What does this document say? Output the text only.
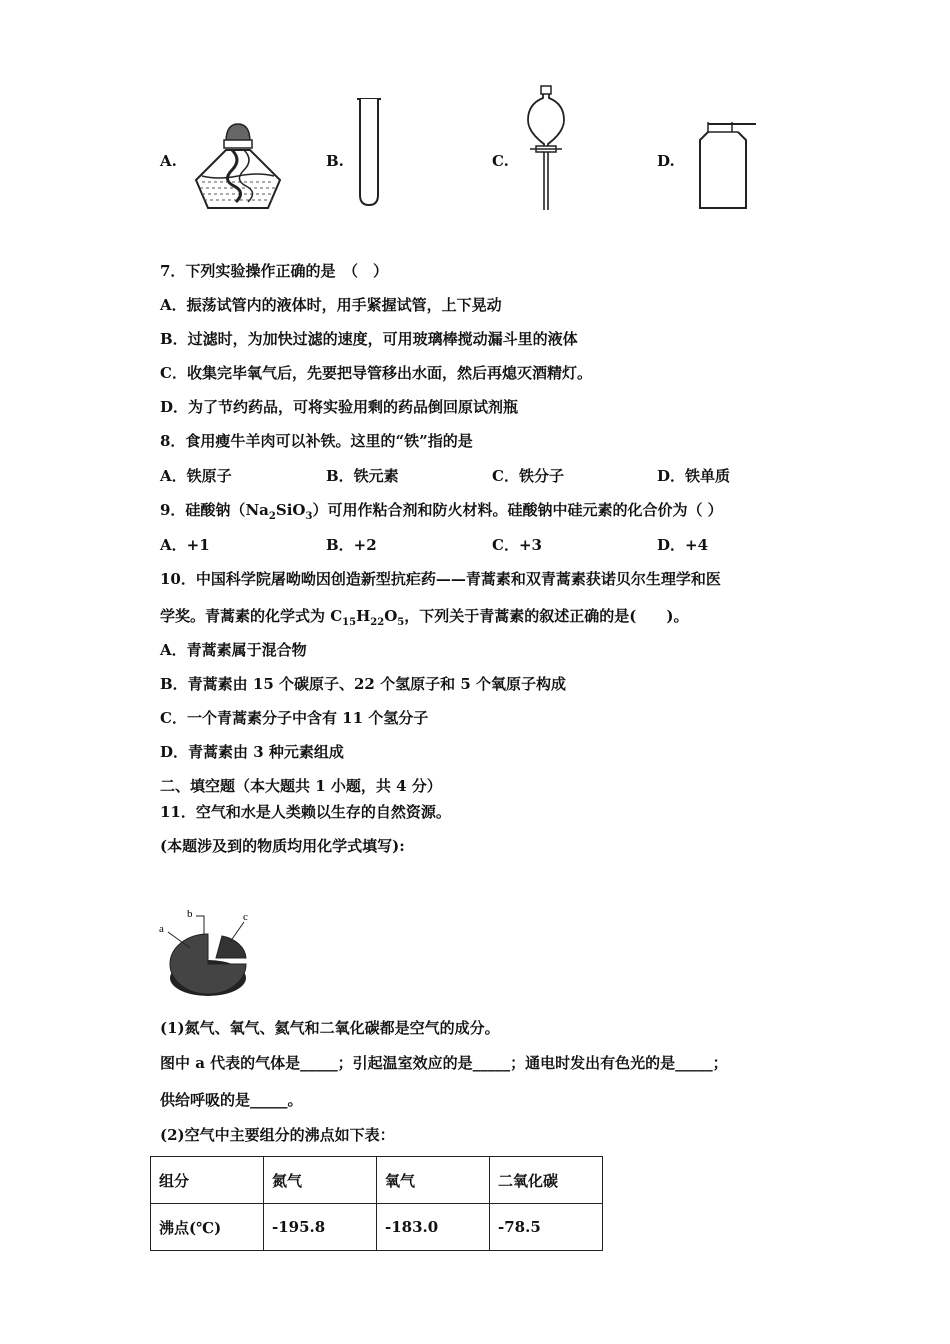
A.	B.	C.	D.
7．下列实验操作正确的是　（　）
A．振荡试管内的液体时，用手紧握试管，上下晃动
B．过滤时，为加快过滤的速度，可用玻璃棒搅动漏斗里的液体
C．收集完毕氧气后，先要把导管移出水面，然后再熄灭酒精灯。
D．为了节约药品，可将实验用剩的药品倒回原试剂瓶
8．食用瘦牛羊肉可以补铁。这里的“铁”指的是
A．铁原子	B．铁元素	C．铁分子	D．铁单质
9．硅酸钠$(Na_2SiO_3)$可用作粘合剂和防火材料。硅酸钠中硅元素的化合价为（ ）
A．+1	B．+2	C．+3	D．+4
10．中国科学院屠呦呦因创造新型抗疟药——青蒿素和双青蒿素获诺贝尔生理学和医
学奖。青蒿素的化学式为 $C_{15}H_{22}O_5$，下列关于青蒿素的叙述正确的是(　　)。
A．青蒿素属于混合物
B．青蒿素由 15 个碳原子、22 个氢原子和 5 个氧原子构成
C．一个青蒿素分子中含有 11 个氢分子
D．青蒿素由 3 种元素组成
二、填空题（本大题共 1 小题，共 4 分）
11．空气和水是人类赖以生存的自然资源。
(本题涉及到的物质均用化学式填写):
a
b	c
(1)氮气、氧气、氦气和二氧化碳都是空气的成分。
图中 a 代表的气体是_____；引起温室效应的是_____；通电时发出有色光的是_____；
供给呼吸的是_____。
(2)空气中主要组分的沸点如下表：
组分	氮气	氧气	二氧化碳
沸点(℃)	-195.8	-183.0	-78.5
